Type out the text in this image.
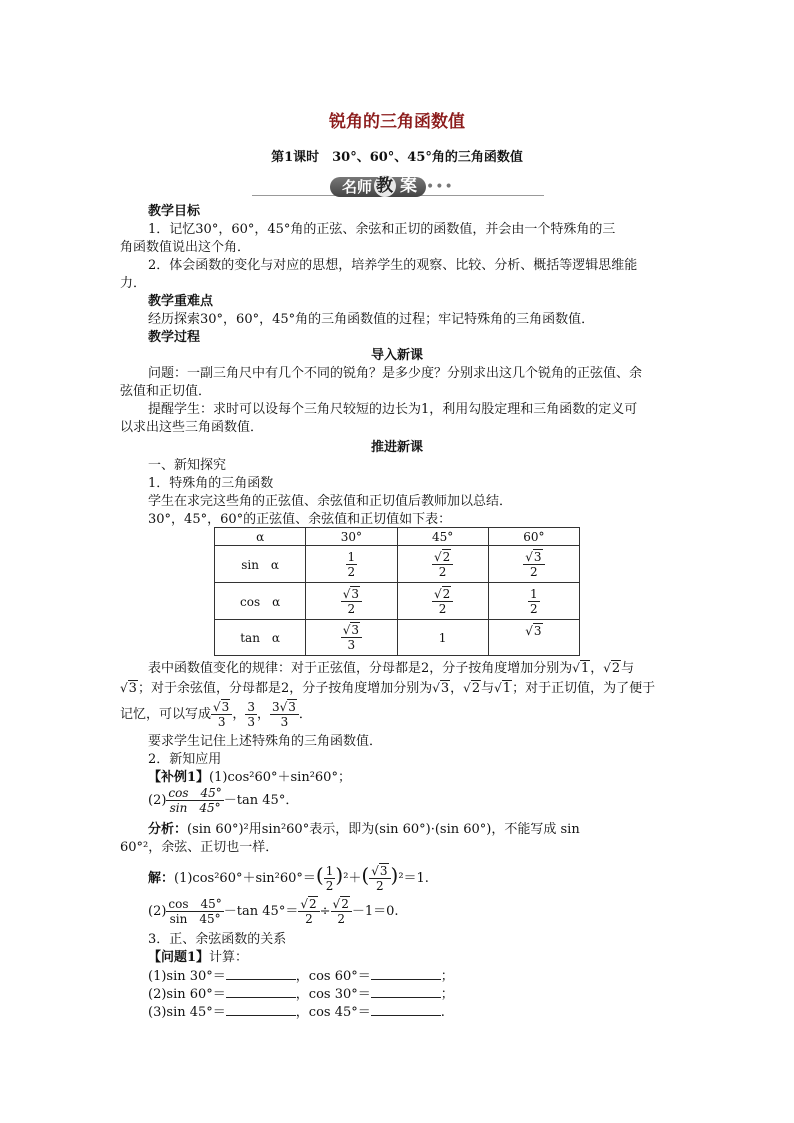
锐角的三角函数值
第1课时　30°、60°、45°角的三角函数值
名师 教 案 •••
教学目标
1．记忆30°，60°，45°角的正弦、余弦和正切的函数值，并会由一个特殊角的三
角函数值说出这个角．
2．体会函数的变化与对应的思想，培养学生的观察、比较、分析、概括等逻辑思维能
力．
教学重难点
经历探索30°，60°，45°角的三角函数值的过程；牢记特殊角的三角函数值．
教学过程
导入新课
问题：一副三角尺中有几个不同的锐角？是多少度？分别求出这几个锐角的正弦值、余
弦值和正切值．
提醒学生：求时可以设每个三角尺较短的边长为1，利用勾股定理和三角函数的定义可
以求出这些三角函数值．
推进新课
一、新知探究
1．特殊角的三角函数
学生在求完这些角的正弦值、余弦值和正切值后教师加以总结．
30°，45°，60°的正弦值、余弦值和正切值如下表：
α	30°	45°	60°
sin　α	$\frac{1}{2}$	$\frac{√2}{2}$	$\frac{√3}{2}$

cos　α	$\frac{√3}{2}$	$\frac{√2}{2}$	$\frac{1}{2}$

tan　α	$\frac{√3}{3}$	1	√3
表中函数值变化的规律：对于正弦值，分母都是2，分子按角度增加分别为√1，√2与
√3；对于余弦值，分母都是2，分子按角度增加分别为√3，√2与√1；对于正切值，为了便于
记忆，可以写成 $\frac{√3}{3}$ ， $\frac{3}{3}$ ， $\frac{3√3}{3}$ ．
要求学生记住上述特殊角的三角函数值．
2．新知应用
【补例1】(1)cos²60°＋sin²60°；
$(2) \frac{\cos 45^\circ}{\sin 45^\circ} -\tan$ 45°．
分析：(sin 60°)²用sin²60°表示，即为(sin 60°)·(sin 60°)，不能写成 sin
60°²，余弦、正切也一样．
解：$(1)\cos^260^\circ+\sin^260^\circ=( \frac{1}{2} )^2+( \frac{√3}{2} )^2=1$.
$(2) \frac{\cos 45^\circ}{\sin 45^\circ} -\tan$ $45^\circ= \frac{√2}{2} \div \frac{√2}{2} -1=0$.
3．正、余弦函数的关系
【问题1】计算：
(1)sin 30°＝	，cos 60°＝	；
(2)sin 60°＝	，cos 30°＝	；
(3)sin 45°＝	，cos 45°＝	.
